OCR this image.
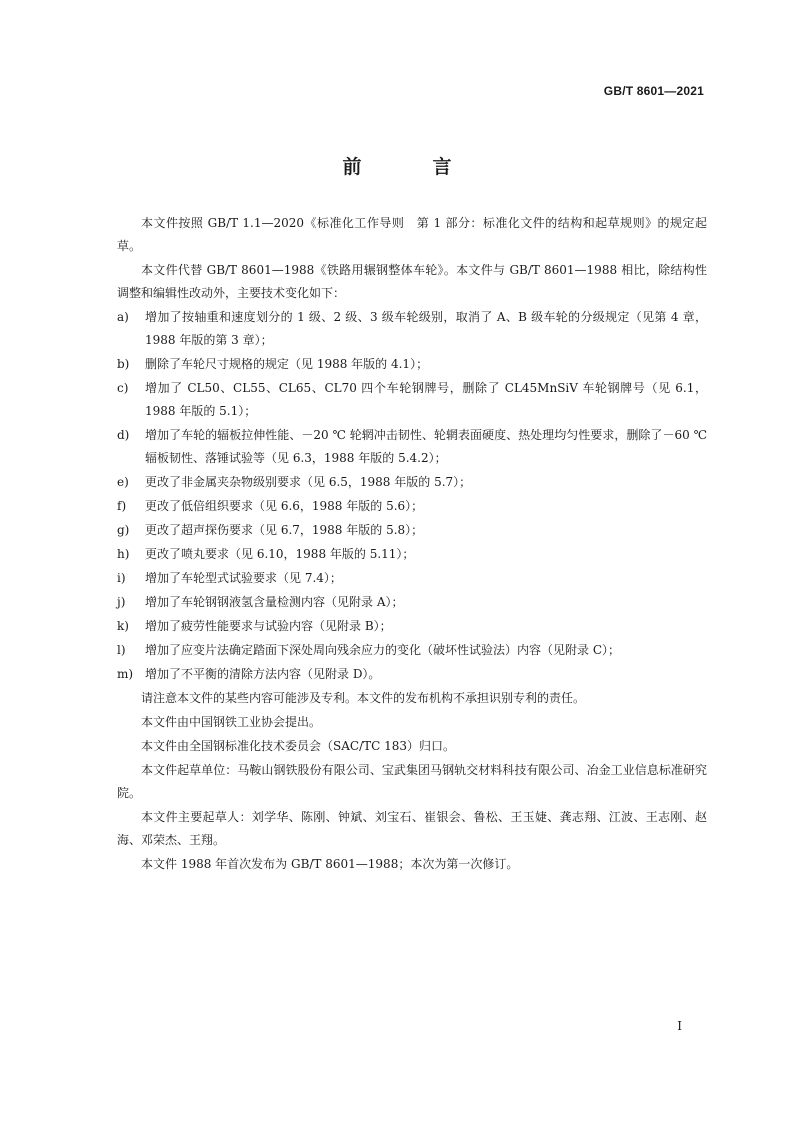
GB/T 8601—2021
前　言

本文件按照 GB/T 1.1—2020《标准化工作导则　第 1 部分：标准化文件的结构和起草规则》的规定起草。

本文件代替 GB/T 8601—1988《铁路用辗钢整体车轮》。本文件与 GB/T 8601—1988 相比，除结构性调整和编辑性改动外，主要技术变化如下：

a)	增加了按轴重和速度划分的 1 级、2 级、3 级车轮级别，取消了 A、B 级车轮的分级规定（见第 4 章，1988 年版的第 3 章）；
b)	删除了车轮尺寸规格的规定（见 1988 年版的 4.1）；
c)	增加了 CL50、CL55、CL65、CL70 四个车轮钢牌号，删除了 CL45MnSiV 车轮钢牌号（见 6.1，1988 年版的 5.1）；
d)	增加了车轮的辐板拉伸性能、－20 ℃ 轮辋冲击韧性、轮辋表面硬度、热处理均匀性要求，删除了－60 ℃ 辐板韧性、落锤试验等（见 6.3，1988 年版的 5.4.2）；
e)	更改了非金属夹杂物级别要求（见 6.5，1988 年版的 5.7）；
f)	更改了低倍组织要求（见 6.6，1988 年版的 5.6）；
g)	更改了超声探伤要求（见 6.7，1988 年版的 5.8）；
h)	更改了喷丸要求（见 6.10，1988 年版的 5.11）；
i)	增加了车轮型式试验要求（见 7.4）；
j)	增加了车轮钢钢液氢含量检测内容（见附录 A）；
k)	增加了疲劳性能要求与试验内容（见附录 B）；
l)	增加了应变片法确定踏面下深处周向残余应力的变化（破坏性试验法）内容（见附录 C）；
m) 增加了不平衡的清除方法内容（见附录 D）。

请注意本文件的某些内容可能涉及专利。本文件的发布机构不承担识别专利的责任。

本文件由中国钢铁工业协会提出。

本文件由全国钢标准化技术委员会（SAC/TC 183）归口。

本文件起草单位：马鞍山钢铁股份有限公司、宝武集团马钢轨交材料科技有限公司、冶金工业信息标准研究院。

本文件主要起草人：刘学华、陈刚、钟斌、刘宝石、崔银会、鲁松、王玉婕、龚志翔、江波、王志刚、赵海、邓荣杰、王翔。

本文件 1988 年首次发布为 GB/T 8601—1988；本次为第一次修订。

I
